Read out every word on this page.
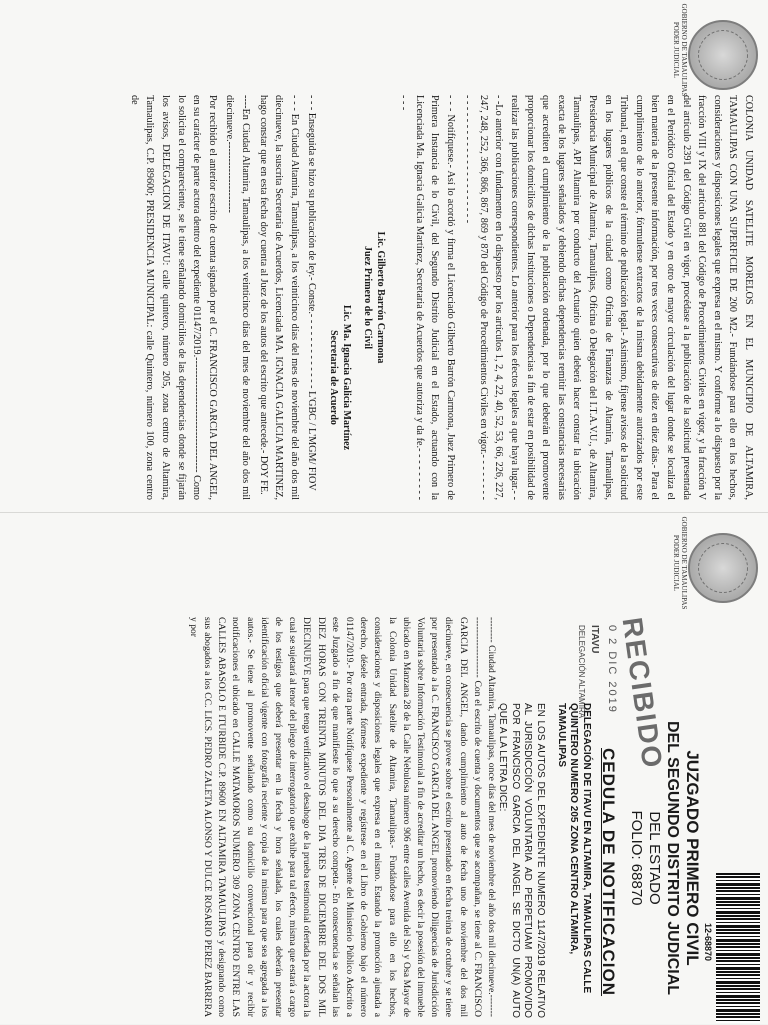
GOBIERNO DE TAMAULIPAS
PODER JUDICIAL

COLONIA UNIDAD SATELITE MORELOS EN EL MUNICIPIO DE ALTAMIRA, TAMAULIPAS CON UNA SUPERFICIE DE 200 M2.- Fundándose para ello en los hechos, consideraciones y disposiciones legales que expresa en el mismo. Y conforme a lo dispuesto por la fracción VIII y IX del artículo 881 del Código de Procedimientos Civiles en vigor, y la fracción V del artículo 2391 del Código Civil en vigor, procédase a la publicación de la solicitud presentada en el Periódico Oficial del Estado y en otro de mayor circulación del lugar donde se localiza el bien materia de la presente información, por tres veces consecutivas de diez en diez días.- Para el cumplimiento de lo anterior, fórmulense extractos de la misma debidamente autorizados por este Tribunal, en el que conste el término de publicación legal.- Asimismo, fíjense avisos de la solicitud en los lugares públicos de la ciudad como Oficina de Finanzas de Altamira, Tamaulipas, Presidencia Municipal de Altamira, Tamaulipas, Oficina ó Delegación del I.T.A.V.U., de Altamira, Tamaulipas, API Altamira por conducto del Actuario quien deberá hacer constar la ubicación exacta de los lugares señalados y debiendo dichas dependencias remitir las constancias necesarias que acrediten el cumplimiento de la publicación ordenada, por lo que deberán el promovente proporcionar los domicilios de dichas Instituciones o Dependencias a fin de estar en posibilidad de realizar las publicaciones correspondientes. Lo anterior para los efectos legales a que haya lugar.- - - -Lo anterior con fundamento en lo dispuesto por los artículos 1, 2, 4, 22, 40, 52, 53, 66, 226, 227, 247, 248, 252, 366, 866, 867, 869 y 870 del Código de Procedimientos Civiles en vigor.- - - - - - - - - - - - - - - - - - - - - - - - - - - - - -

- - - Notifíquese.- Así lo acordó y firma el Licenciado Gilberto Barrón Carmona, Juez Primero de Primera Instancia de lo Civil, del Segundo Distrito Judicial en el Estado, actuando con la Licenciada Ma. Ignacia Galicia Martínez, Secretaria de Acuerdos que autoriza y da fe.- - - - - - - - - - - -

Lic. Gilberto Barrón Carmona
Juez Primero de lo Civil
Lic. Ma. Ignacia Galicia Martínez
Secretaria de Acuerdo

- - - Enseguida se hizo su publicación de ley.- Conste.- - - - - - - - - - - - - L'GBC / L'MGM/ FIOV

- - - En Ciudad Altamira, Tamaulipas, a los veinticinco días del mes de noviembre del año dos mil diecinueve, la suscrita Secretaria de Acuerdos, Licenciada MA. IGNACIA GALICIA MARTINEZ, hago constar que en esta fecha doy cuenta al Juez de los autos del escrito que antecede.- DOY FE.

----En Ciudad Altamira, Tamaulipas, a los veinticinco días del mes de noviembre del año dos mil diecinueve.---------------------

Por recibido el anterior escrito de cuenta signado por el C. FRANCISCO GARCIA DEL ANGEL, en su carácter de parte actora dentro del expediente 01147/2019.---------------------------------- Como lo solicita el compareciente, se le tiene señalando domicilios de las dependencias donde se fijarán los avisos, DELEGACION DE ITAVU: calle quintero, número 205, zona centro de Altamira, Tamaulipas, C.P. 89600; PRESIDENCIA MUNICIPAL: calle Quintero, número 100, zona centro de

GOBIERNO DE TAMAULIPAS
PODER JUDICIAL
12-68870
JUZGADO PRIMERO CIVIL
DEL SEGUNDO DISTRITO JUDICIAL
DEL ESTADO
FOLIO: 68870
CEDULA DE NOTIFICACION
RECIBIDO
0 2 DIC 2019
ITAVU
DELEGACIÓN ALTAMIRA
DELEGACIÓN DE ITAVU EN ALTAMIRA, TAMAULIPAS CALLE QUINTERO NUMERO 205 ZONA CENTRO ALTAMIRA, TAMAULIPAS
EN LOS AUTOS DEL EXPEDIENTE NUMERO 1147/2019 RELATIVO AL JURISDICCIÓN VOLUNTARIA AD PERPETUAM PROMOVIDO POR FRANCISCO GARCIA DEL ANGEL SE DICTO UN(A) AUTO QUE A LA LETRA DICE:

-------- Ciudad Altamira, Tamaulipas, once días del mes de noviembre del año dos mil diecinueve.-------------------------- Con el escrito de cuenta y documentos que se acompañan, se tiene al C. FRANCISCO GARCIA DEL ANGEL, dando cumplimiento al auto de fecha uno de noviembre del dos mil diecinueve, en consecuencia se provee sobre el escrito presentado en fecha treinta de octubre y se tiene por presentado a la C. FRANCISCO GARCIA DEL ANGEL promoviendo Diligencias de Jurisdicción Voluntaria sobre Información Testimonial a fin de acreditar un hecho, es decir la posesión del inmueble ubicado en Manzana 28 de la Calle Nebulosa número 906 entre calles Avenida del Sol y Osa Mayor de la Colonia Unidad Satelite de Altamira, Tamaulipas.- Fundándose para ello en los hechos, consideraciones y disposiciones legales que expresa en el mismo. Estando la promoción ajustada a derecho, désele entrada, fórmese expediente y regístrese en el Libro de Gobierno bajo el número 01147/2019.- Por otra parte Notifíquese Personalmente al C. Agente del Ministerio Público Adscrito a este Juzgado a fin de que manifieste lo que a su derecho competa.- En consecuencia se señalan las DIEZ HORAS CON TREINTA MINUTOS DEL DIA TRES DE DICIEMBRE DEL DOS MIL DIECINUEVE para que tenga verificativo el desahogo de la prueba testimonial ofertada por la actora la cual se sujetará al tenor del pliego de interrogatorio que exhibe para tal efecto, misma que estará a cargo de los testigos que deberá presentar en la fecha y hora señalada, los cuales deberán presentar identificación oficial vigente con fotografía reciente y copia de la misma para que sea agregada a los autos.- Se tiene al promovente señalando como su domicilio convencional para oír y recibir notificaciones el ubicado en CALLE MATAMOROS NUMERO 309 ZONA CENTRO ENTRE LAS CALLES ABASOLO E ITURBIDE C.P. 89600 EN ALTAMIRA TAMAULIPAS y designando como sus abogados a los CC. LICS. PEDRO ZALETA ALONSO Y DULCE ROSARIO PEREZ BARRERA y por
